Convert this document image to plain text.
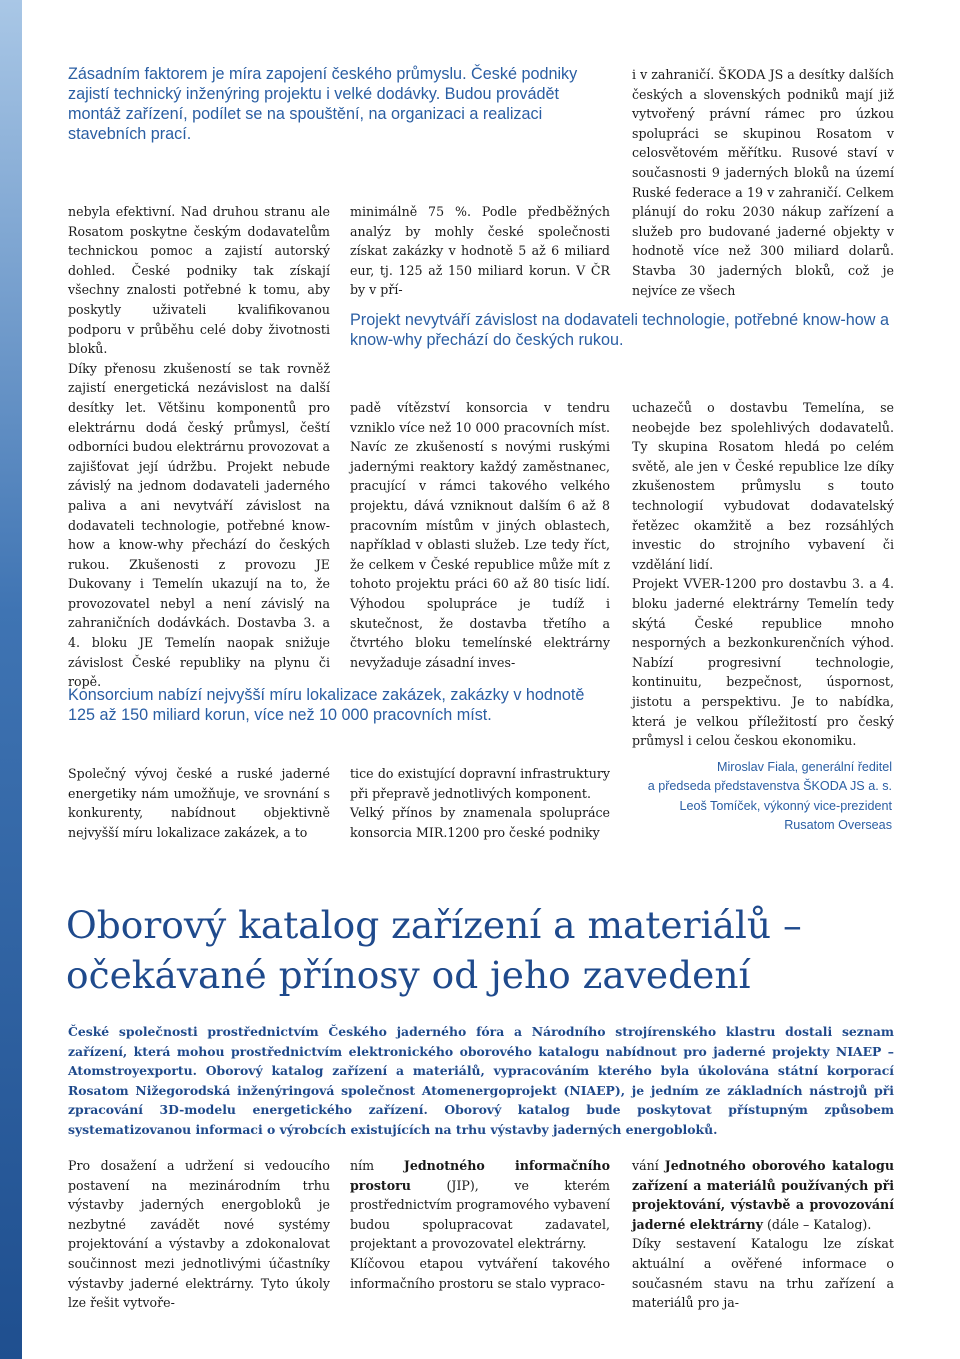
Zásadním faktorem je míra zapojení českého průmyslu. České podniky zajistí technický inženýring projektu i velké dodávky. Budou provádět montáž zařízení, podílet se na spouštění, na organizaci a realizaci stavebních prací.

nebyla efektivní. Nad druhou stranu ale Rosatom poskytne českým dodavatelům technickou pomoc a zajistí autorský dohled. České podniky tak získají všechny znalosti potřebné k tomu, aby poskytly uživateli kvalifikovanou podporu v průběhu celé doby životnosti bloků.

Díky přenosu zkušeností se tak rovněž zajistí energetická nezávislost na další desítky let. Většinu komponentů pro elektrárnu dodá český průmysl, čeští odborníci budou elektrárnu provozovat a zajišťovat její údržbu. Projekt nebude závislý na jednom dodavateli jaderného paliva a ani nevytváří závislost na dodavateli technologie, potřebné know-how a know-why přechází do českých rukou. Zkušenosti z provozu JE Dukovany i Temelín ukazují na to, že provozovatel nebyl a není závislý na zahraničních dodávkách. Dostavba 3. a 4. bloku JE Temelín naopak snižuje závislost České republiky na plynu či ropě.

minimálně 75 %. Podle předběžných analýz by mohly české společnosti získat zakázky v hodnotě 5 až 6 miliard eur, tj. 125 až 150 miliard korun. V ČR by v pří-

i v zahraničí. ŠKODA JS a desítky dalších českých a slovenských podniků mají již vytvořený právní rámec pro úzkou spolupráci se skupinou Rosatom v celosvětovém měřítku. Rusové staví v současnosti 9 jaderných bloků na území Ruské federace a 19 v zahraničí. Celkem plánují do roku 2030 nákup zařízení a služeb pro budované jaderné objekty v hodnotě více než 300 miliard dolarů. Stavba 30 jaderných bloků, což je nejvíce ze všech

Projekt nevytváří závislost na dodavateli technologie, potřebné know-how a know-why přechází do českých rukou.

padě vítězství konsorcia v tendru vzniklo více než 10 000 pracovních míst. Navíc ze zkušeností s novými ruskými jadernými reaktory každý zaměstnanec, pracující v rámci takového velkého projektu, dává vzniknout dalším 6 až 8 pracovním místům v jiných oblastech, například v oblasti služeb. Lze tedy říct, že celkem v České republice může mít z tohoto projektu práci 60 až 80 tisíc lidí. Výhodou spolupráce je tudíž i skutečnost, že dostavba třetího a čtvrtého bloku temelínské elektrárny nevyžaduje zásadní inves-

uchazečů o dostavbu Temelína, se neobejde bez spolehlivých dodavatelů. Ty skupina Rosatom hledá po celém světě, ale jen v České republice lze díky zkušenostem průmyslu s touto technologií vybudovat dodavatelský řetězec okamžitě a bez rozsáhlých investic do strojního vybavení či vzdělání lidí.

Projekt VVER-1200 pro dostavbu 3. a 4. bloku jaderné elektrárny Temelín tedy skýtá České republice mnoho nesporných a bezkonkurenčních výhod. Nabízí progresivní technologie, kontinuitu, bezpečnost, úspornost, jistotu a perspektivu. Je to nabídka, která je velkou příležitostí pro český průmysl i celou českou ekonomiku.

Konsorcium nabízí nejvyšší míru lokalizace zakázek, zakázky v hodnotě 125 až 150 miliard korun, více než 10 000 pracovních míst.

Společný vývoj české a ruské jaderné energetiky nám umožňuje, ve srovnání s konkurenty, nabídnout objektivně nejvyšší míru lokalizace zakázek, a to

tice do existující dopravní infrastruktury při přepravě jednotlivých komponent.

Velký přínos by znamenala spolupráce konsorcia MIR.1200 pro české podniky

Miroslav Fiala, generální ředitel
a předseda představenstva ŠKODA JS a. s.
Leoš Tomíček, výkonný vice-prezident
Rusatom Overseas
Oborový katalog zařízení a materiálů –
očekávané přínosy od jeho zavedení

České společnosti prostřednictvím Českého jaderného fóra a Národního strojírenského klastru dostali seznam zařízení, která mohou prostřednictvím elektronického oborového katalogu nabídnout pro jaderné projekty NIAEP – Atomstroyexportu. Oborový katalog zařízení a materiálů, vypracováním kterého byla úkolována státní korporací Rosatom Nižegorodská inženýringová společnost Atomenergoprojekt (NIAEP), je jedním ze základních nástrojů při zpracování 3D-modelu energetického zařízení. Oborový katalog bude poskytovat přístupným způsobem systematizovanou informaci o výrobcích existujících na trhu výstavby jaderných energobloků.

Pro dosažení a udržení si vedoucího postavení na mezinárodním trhu výstavby jaderných energobloků je nezbytné zavádět nové systémy projektování a výstavby a zdokonalovat součinnost mezi jednotlivými účastníky výstavby jaderné elektrárny. Tyto úkoly lze řešit vytvoře-

ním Jednotného informačního prostoru	(JIP), ve kterém prostřednictvím programového vybavení budou spolupracovat zadavatel, projektant a provozovatel elektrárny.

Klíčovou etapou vytváření takového informačního prostoru se stalo vypraco-

vání Jednotného oborového katalogu zařízení a materiálů používaných při projektování, výstavbě a provozování jaderné elektrárny (dále – Katalog).

Díky sestavení Katalogu lze získat aktuální a ověřené informace o současném stavu na trhu zařízení a materiálů pro ja-
